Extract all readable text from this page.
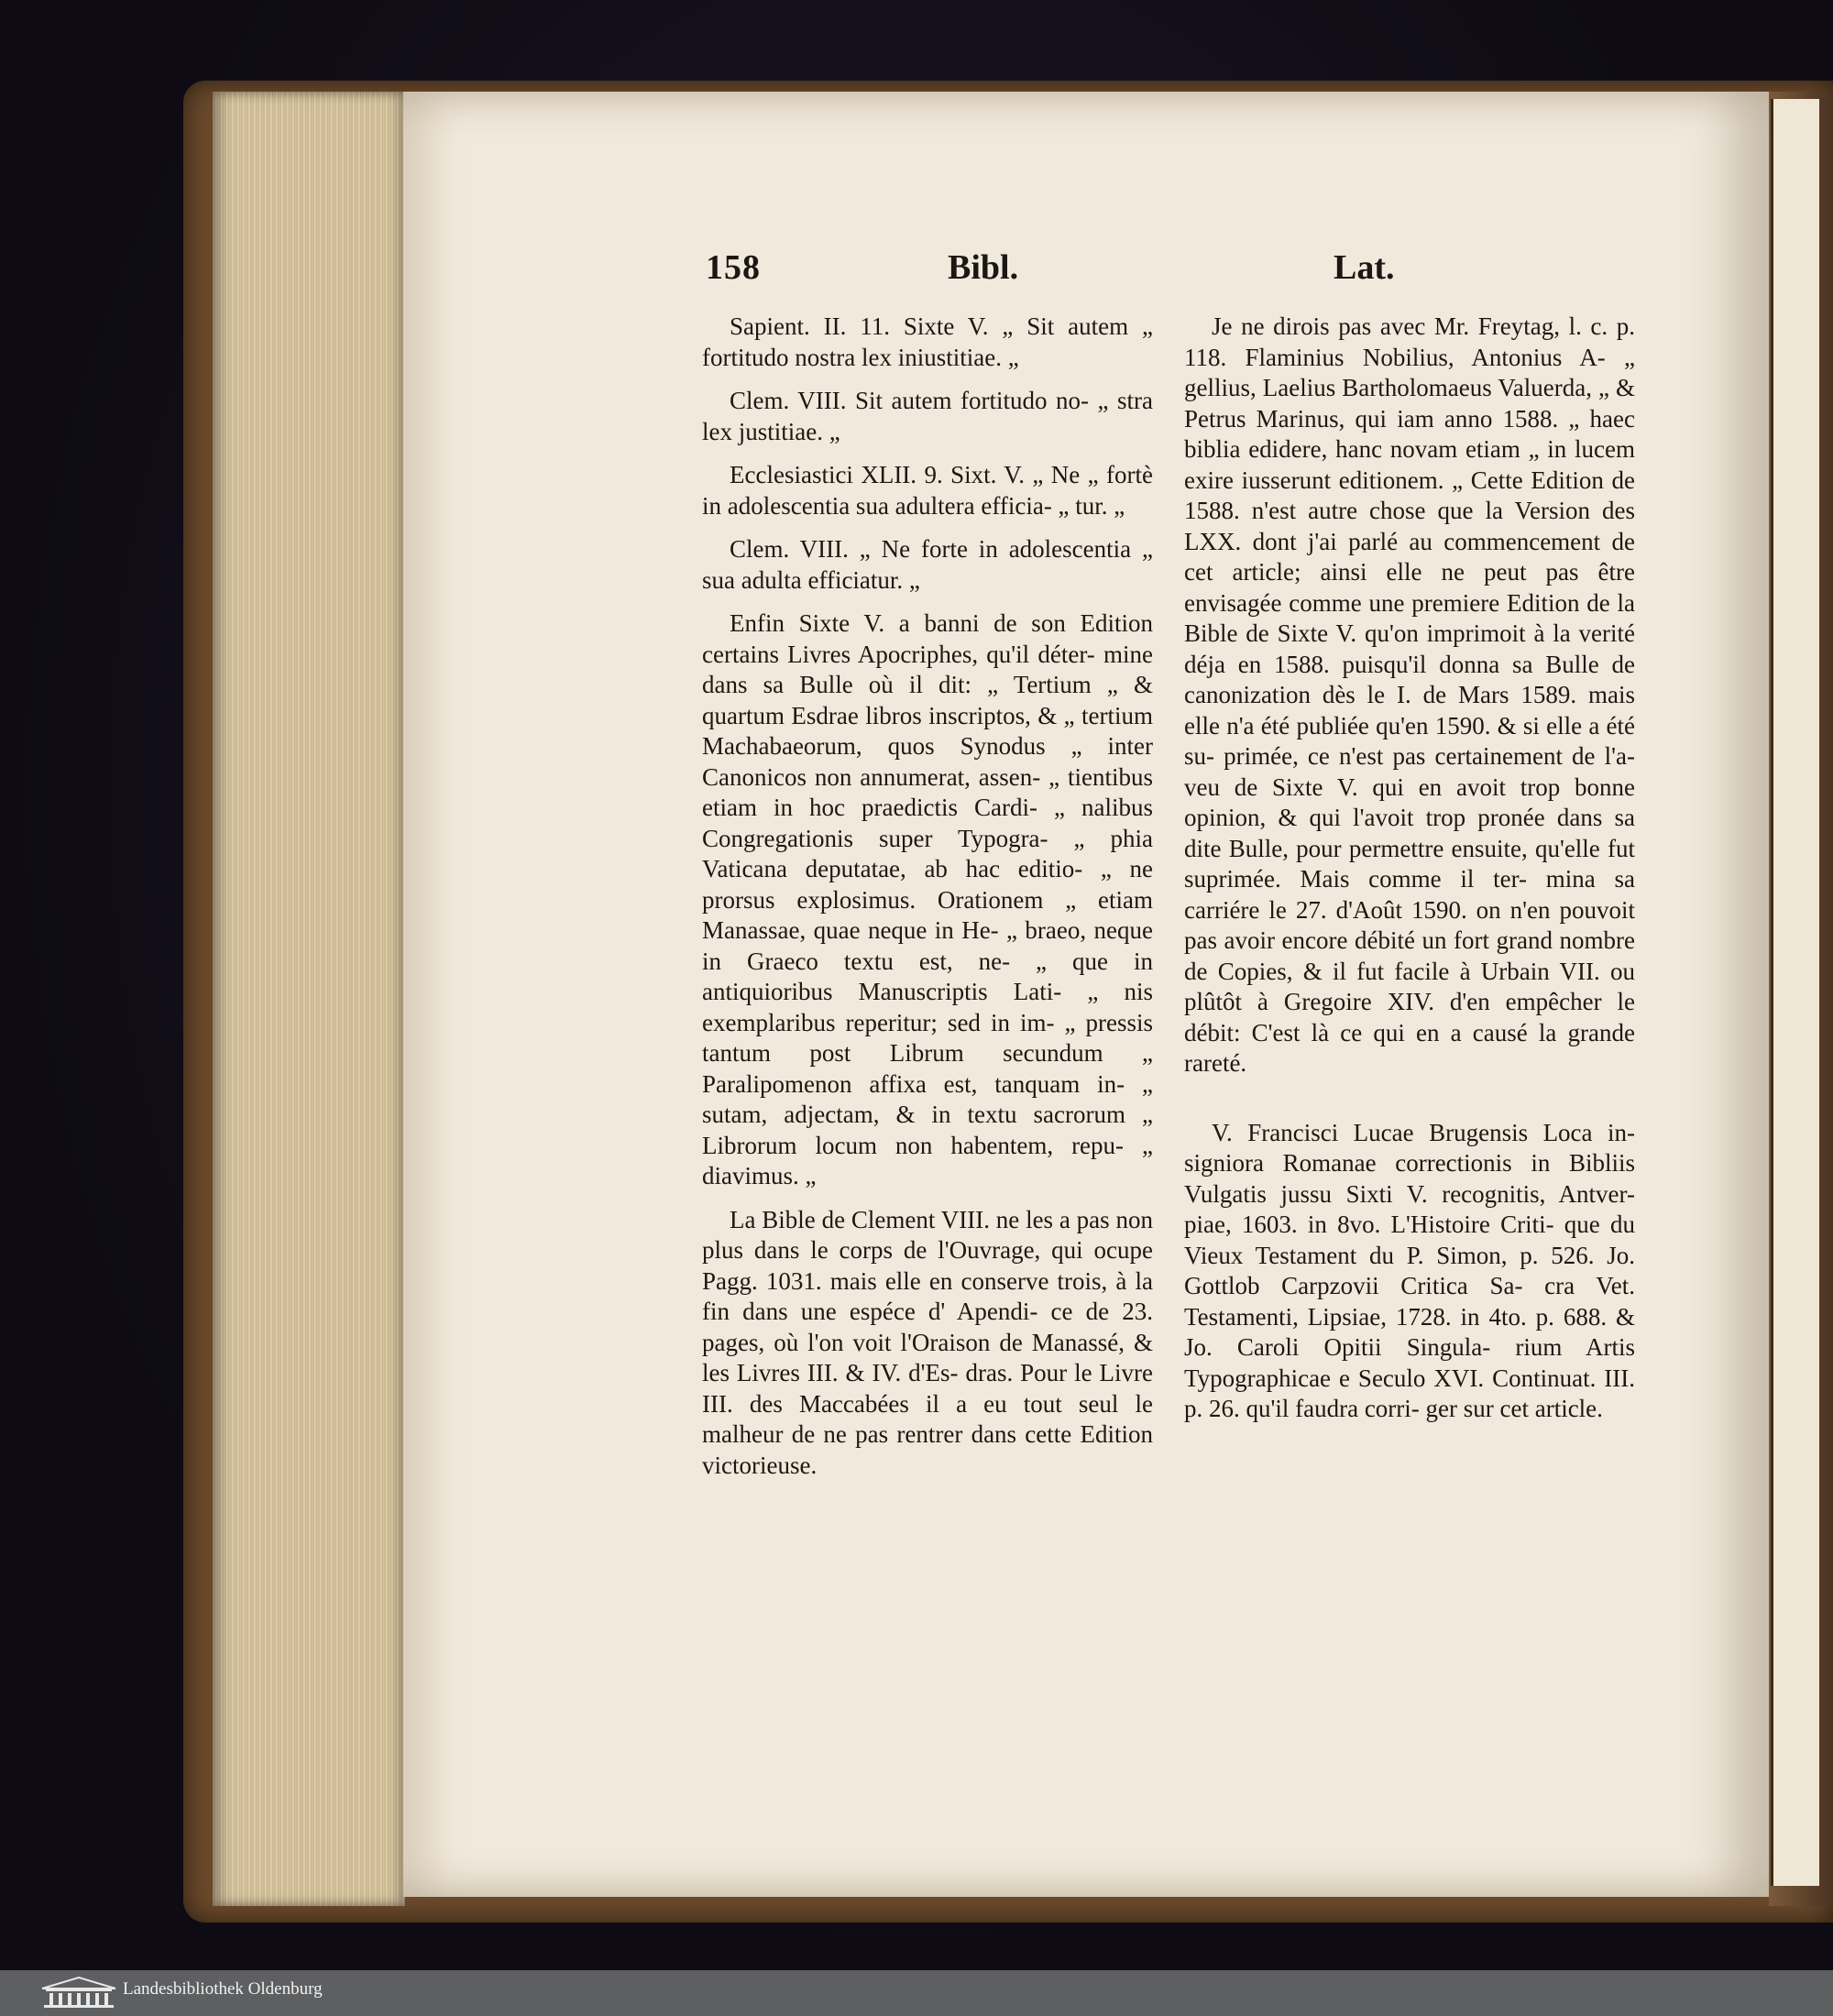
158	Bibl.	Lat.

Sapient. II. 11. Sixte V. „ Sit autem „ fortitudo nostra lex iniustitiae. „

Clem. VIII. Sit autem fortitudo no- „ stra lex justitiae. „

Ecclesiastici XLII. 9. Sixt. V. „ Ne „ fortè in adolescentia sua adultera efficia- „ tur. „

Clem. VIII. „ Ne forte in adolescentia „ sua adulta efficiatur. „

Enfin Sixte V. a banni de son Edition certains Livres Apocriphes, qu'il déter- mine dans sa Bulle où il dit: „ Tertium „ & quartum Esdrae libros inscriptos, & „ tertium Machabaeorum, quos Synodus „ inter Canonicos non annumerat, assen- „ tientibus etiam in hoc praedictis Cardi- „ nalibus Congregationis super Typogra- „ phia Vaticana deputatae, ab hac editio- „ ne prorsus explosimus. Orationem „ etiam Manassae, quae neque in He- „ braeo, neque in Graeco textu est, ne- „ que in antiquioribus Manuscriptis Lati- „ nis exemplaribus reperitur; sed in im- „ pressis tantum post Librum secundum „ Paralipomenon affixa est, tanquam in- „ sutam, adjectam, & in textu sacrorum „ Librorum locum non habentem, repu- „ diavimus. „

La Bible de Clement VIII. ne les a pas non plus dans le corps de l'Ouvrage, qui ocupe Pagg. 1031. mais elle en conserve trois, à la fin dans une espéce d' Apendi- ce de 23. pages, où l'on voit l'Oraison de Manassé, & les Livres III. & IV. d'Es- dras. Pour le Livre III. des Maccabées il a eu tout seul le malheur de ne pas rentrer dans cette Edition victorieuse.

Je ne dirois pas avec Mr. Freytag, l. c. p. 118. Flaminius Nobilius, Antonius A- „ gellius, Laelius Bartholomaeus Valuerda, „ & Petrus Marinus, qui iam anno 1588. „ haec biblia edidere, hanc novam etiam „ in lucem exire iusserunt editionem. „ Cette Edition de 1588. n'est autre chose que la Version des LXX. dont j'ai parlé au commencement de cet article; ainsi elle ne peut pas être envisagée comme une premiere Edition de la Bible de Sixte V. qu'on imprimoit à la verité déja en 1588. puisqu'il donna sa Bulle de canonization dès le I. de Mars 1589. mais elle n'a été publiée qu'en 1590. & si elle a été su- primée, ce n'est pas certainement de l'a- veu de Sixte V. qui en avoit trop bonne opinion, & qui l'avoit trop pronée dans sa dite Bulle, pour permettre ensuite, qu'elle fut suprimée. Mais comme il ter- mina sa carriére le 27. d'Août 1590. on n'en pouvoit pas avoir encore débité un fort grand nombre de Copies, & il fut facile à Urbain VII. ou plûtôt à Gregoire XIV. d'en empêcher le débit: C'est là ce qui en a causé la grande rareté.

V. Francisci Lucae Brugensis Loca in- signiora Romanae correctionis in Bibliis Vulgatis jussu Sixti V. recognitis, Antver- piae, 1603. in 8vo. L'Histoire Criti- que du Vieux Testament du P. Simon, p. 526. Jo. Gottlob Carpzovii Critica Sa- cra Vet. Testamenti, Lipsiae, 1728. in 4to. p. 688. & Jo. Caroli Opitii Singula- rium Artis Typographicae e Seculo XVI. Continuat. III. p. 26. qu'il faudra corri- ger sur cet article.

Landesbibliothek Oldenburg
